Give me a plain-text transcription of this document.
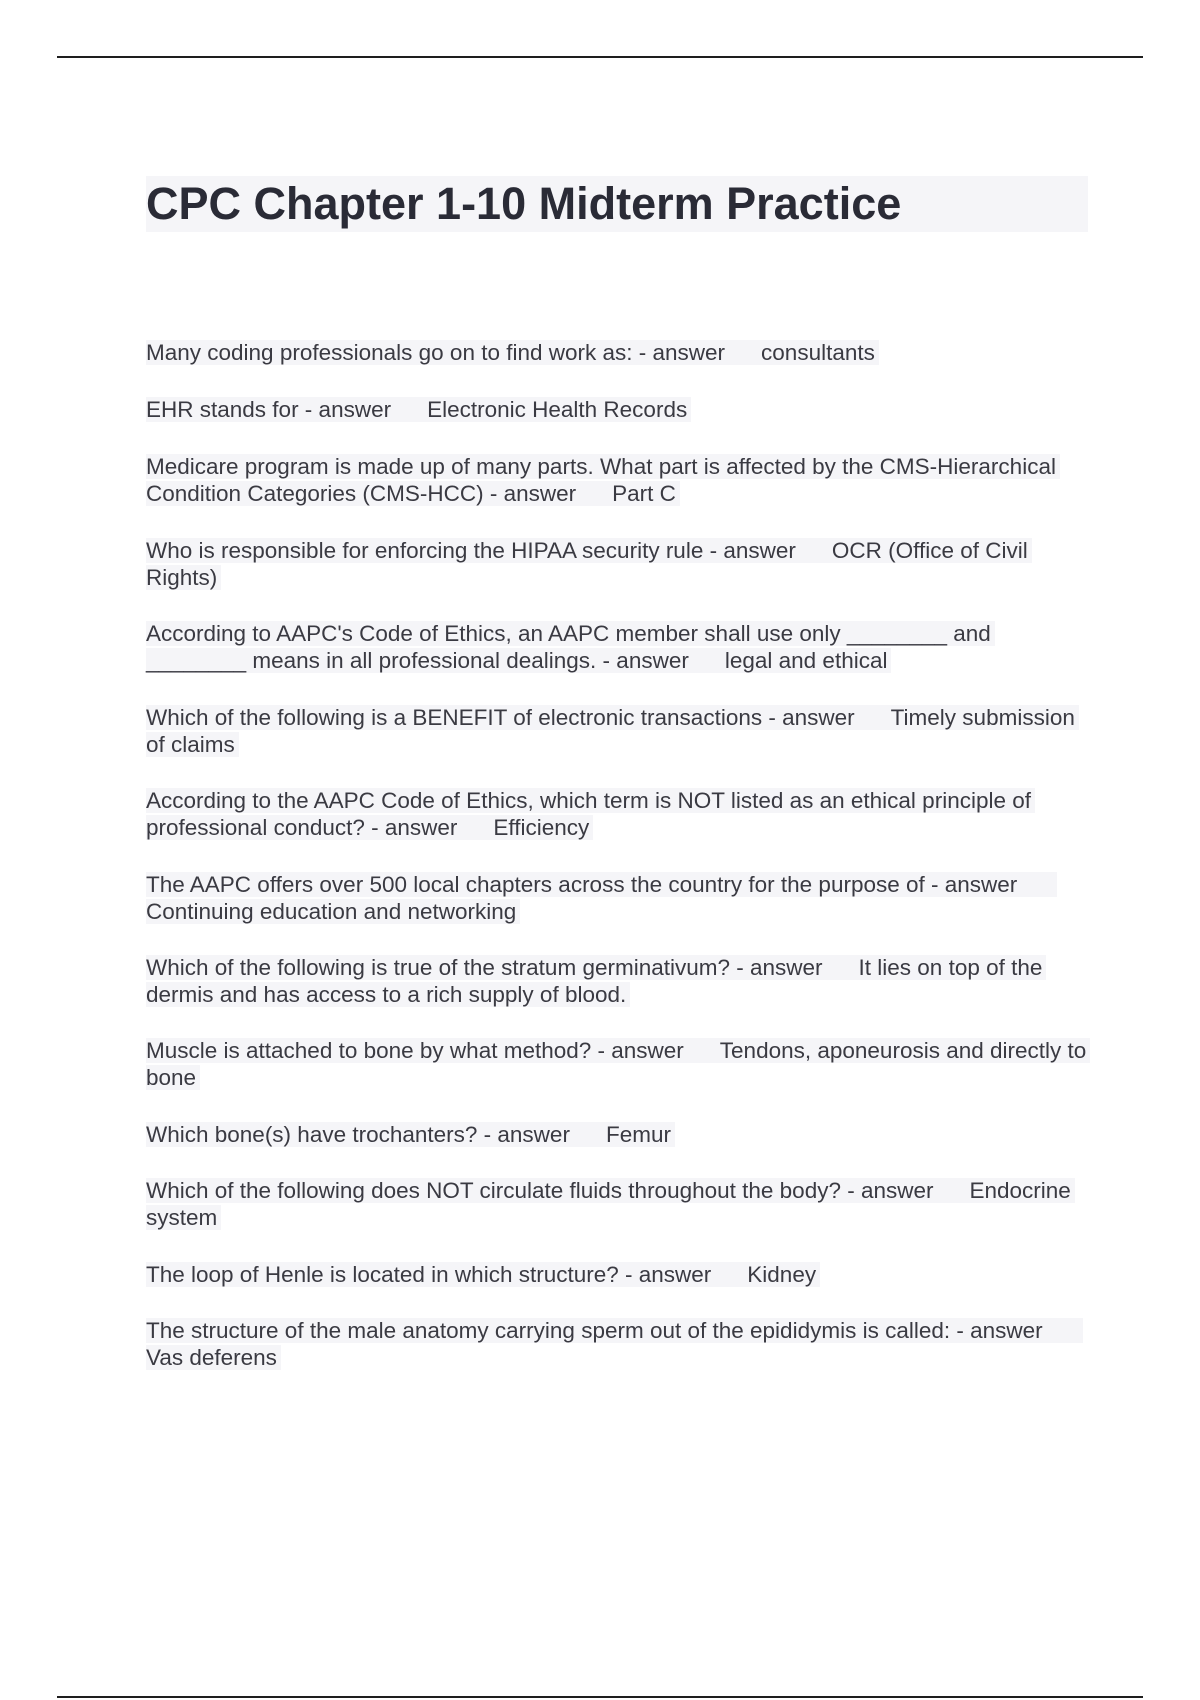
CPC Chapter 1-10 Midterm Practice

Many coding professionals go on to find work as: - answer consultants

EHR stands for - answer Electronic Health Records

Medicare program is made up of many parts. What part is affected by the CMS-Hierarchical Condition Categories (CMS-HCC) - answer Part C

Who is responsible for enforcing the HIPAA security rule - answer OCR (Office of Civil Rights)

According to AAPC's Code of Ethics, an AAPC member shall use only ________ and ________ means in all professional dealings. - answer legal and ethical

Which of the following is a BENEFIT of electronic transactions - answer Timely submission of claims

According to the AAPC Code of Ethics, which term is NOT listed as an ethical principle of professional conduct? - answer Efficiency

The AAPC offers over 500 local chapters across the country for the purpose of - answerContinuing education and networking

Which of the following is true of the stratum germinativum? - answer It lies on top of the dermis and has access to a rich supply of blood.

Muscle is attached to bone by what method? - answer Tendons, aponeurosis and directly to bone

Which bone(s) have trochanters? - answer Femur

Which of the following does NOT circulate fluids throughout the body? - answer Endocrine system

The loop of Henle is located in which structure? - answer Kidney

The structure of the male anatomy carrying sperm out of the epididymis is called: - answerVas deferens
